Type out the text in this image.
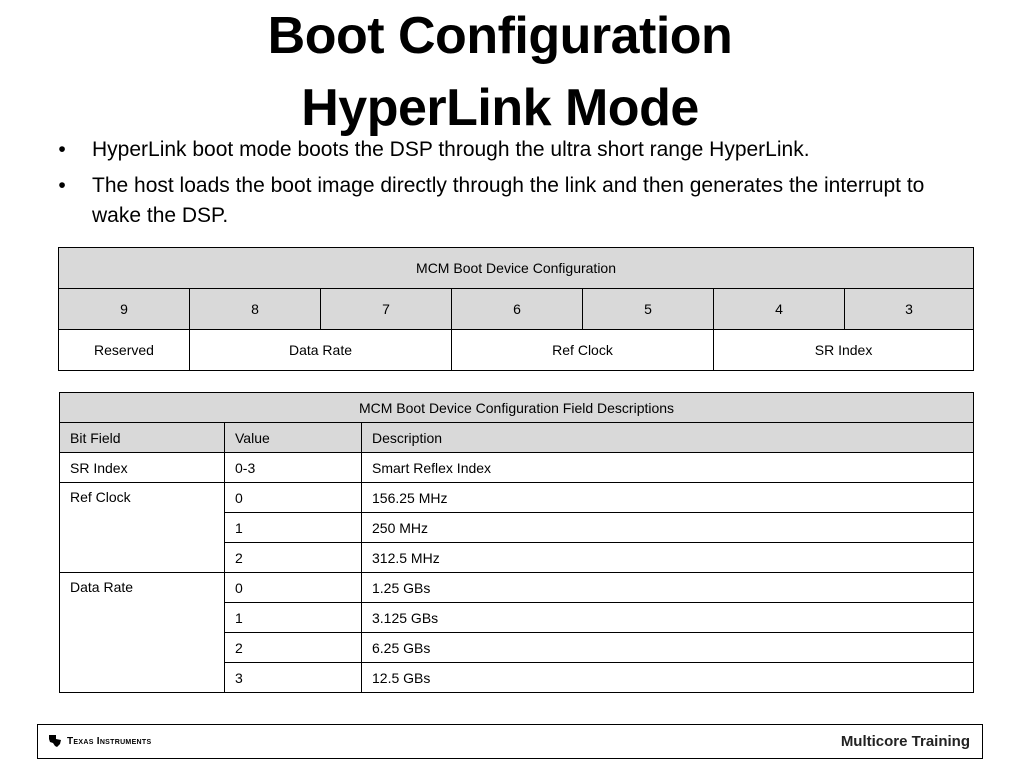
Boot Configuration
HyperLink Mode
•	HyperLink boot mode boots the DSP through the ultra short range HyperLink.
•	The host loads the boot image directly through the link and then generates the interrupt to wake the DSP.
MCM Boot Device Configuration						
9	8	7	6	5	4	3
Reserved	Data Rate		Ref Clock		SR Index	
MCM Boot Device Configuration Field Descriptions		
Bit Field	Value	Description
SR Index	0-3	Smart Reflex Index
Ref Clock	0	156.25 MHz
	1	250 MHz
	2	312.5 MHz
Data Rate	0	1.25 GBs
	1	3.125 GBs
	2	6.25 GBs
	3	12.5 GBs
Texas Instruments	Multicore Training
